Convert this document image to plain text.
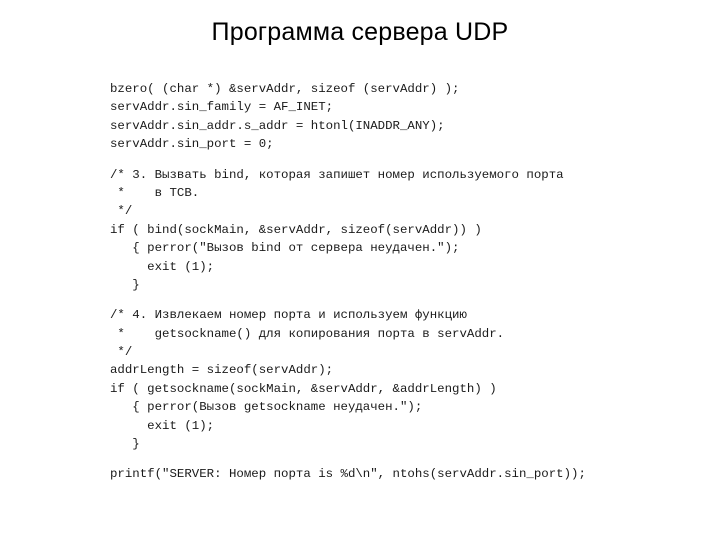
Программа сервера UDP
bzero( (char *) &servAddr, sizeof (servAddr) );
servAddr.sin_family = AF_INET;
servAddr.sin_addr.s_addr = htonl(INADDR_ANY);
servAddr.sin_port = 0;
/* 3. Вызвать bind, которая запишет номер используемого порта
*    в TCB.
*/
if ( bind(sockMain, &servAddr, sizeof(servAddr)) )
{ perror("Вызов bind от сервера неудачен.");
exit (1);
}
/* 4. Извлекаем номер порта и используем функцию
*    getsockname() для копирования порта в servAddr.
*/
addrLength = sizeof(servAddr);
if ( getsockname(sockMain, &servAddr, &addrLength) )
{ perror(Вызов getsockname неудачен.");
exit (1);
}
printf("SERVER: Номер порта is %d\n", ntohs(servAddr.sin_port));
